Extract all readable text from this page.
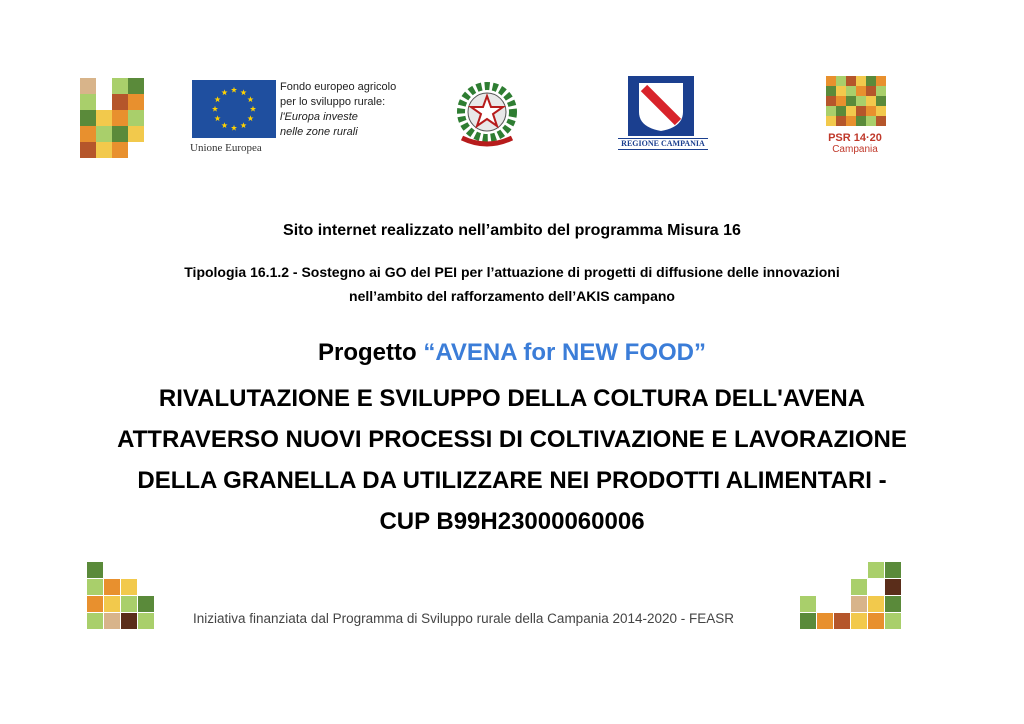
Unione Europea
Fondo europeo agricolo
per lo sviluppo rurale:
l'Europa investe
nelle zone rurali
REGIONE CAMPANIA	PSR 14·20
Campania
Sito internet realizzato nell’ambito del programma Misura 16
Tipologia 16.1.2 - Sostegno ai GO del PEI per l’attuazione di progetti di diffusione delle innovazioni
nell’ambito del rafforzamento dell’AKIS campano
Progetto “AVENA for NEW FOOD”
RIVALUTAZIONE E SVILUPPO DELLA COLTURA DELL'AVENA
ATTRAVERSO NUOVI PROCESSI DI COLTIVAZIONE E LAVORAZIONE
DELLA GRANELLA DA UTILIZZARE NEI PRODOTTI ALIMENTARI -
CUP B99H23000060006
Iniziativa finanziata dal Programma di Sviluppo rurale della Campania 2014-2020 - FEASR
